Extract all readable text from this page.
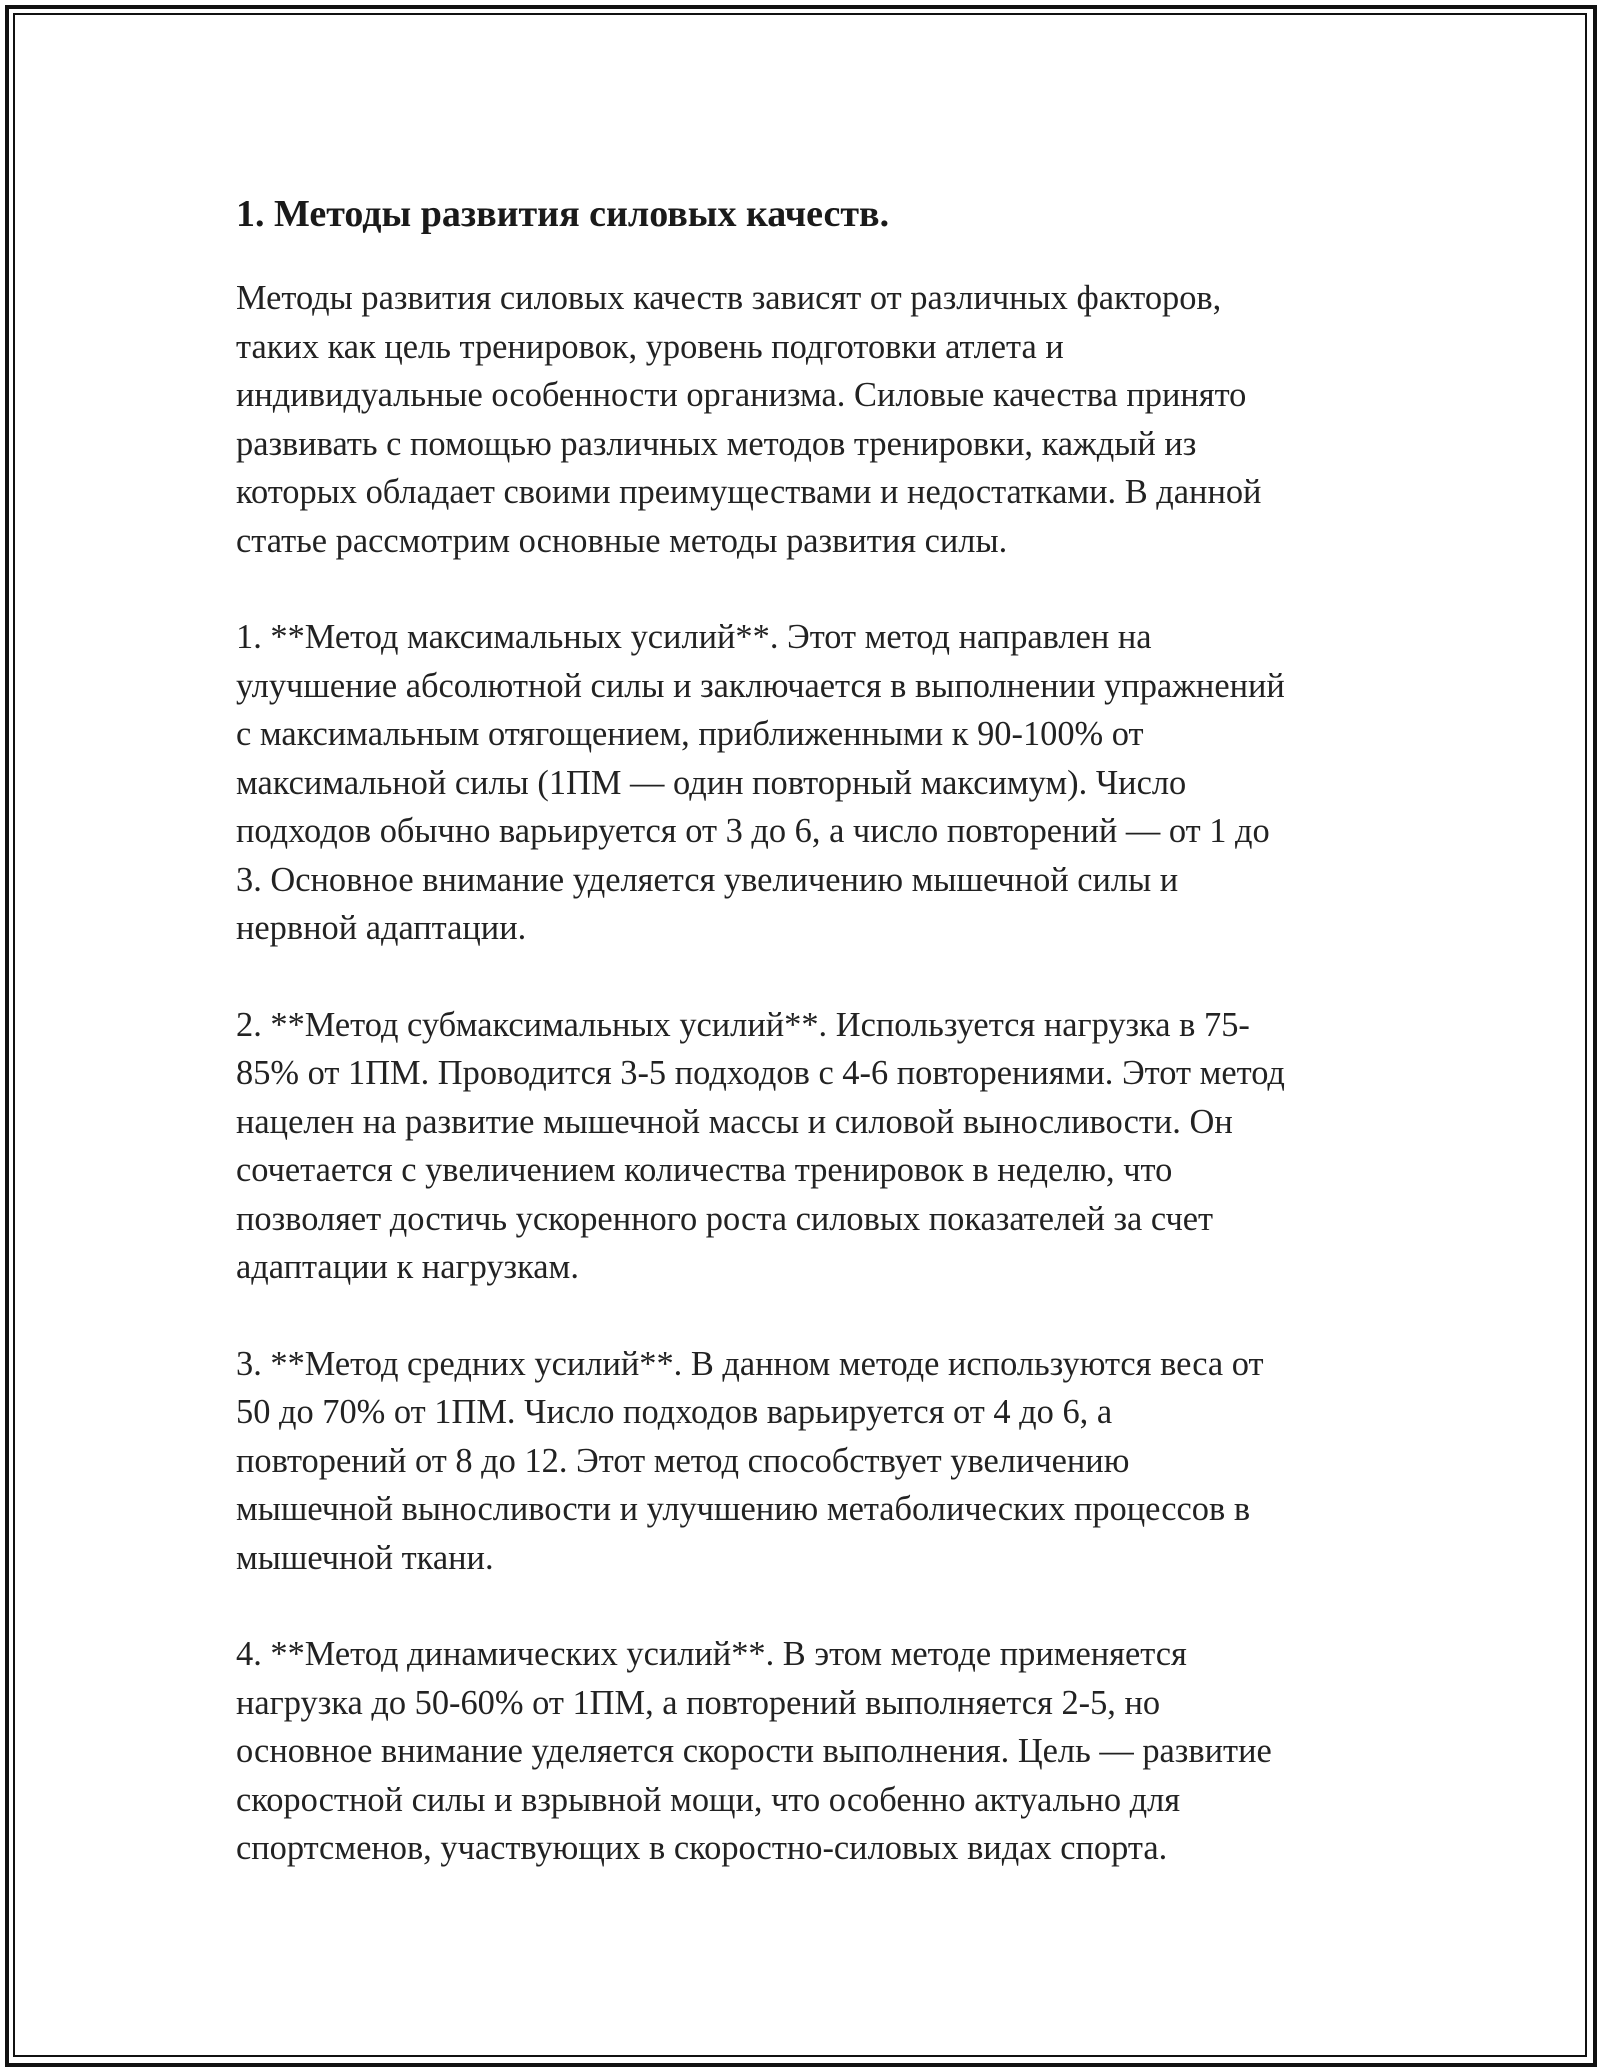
1. Методы развития силовых качеств.

Методы развития силовых качеств зависят от различных факторов,
таких как цель тренировок, уровень подготовки атлета и
индивидуальные особенности организма. Силовые качества принято
развивать с помощью различных методов тренировки, каждый из
которых обладает своими преимуществами и недостатками. В данной
статье рассмотрим основные методы развития силы.

1. **Метод максимальных усилий**. Этот метод направлен на
улучшение абсолютной силы и заключается в выполнении упражнений
с максимальным отягощением, приближенными к 90-100% от
максимальной силы (1ПМ — один повторный максимум). Число
подходов обычно варьируется от 3 до 6, а число повторений — от 1 до
3. Основное внимание уделяется увеличению мышечной силы и
нервной адаптации.

2. **Метод субмаксимальных усилий**. Используется нагрузка в 75-
85% от 1ПМ. Проводится 3-5 подходов с 4-6 повторениями. Этот метод
нацелен на развитие мышечной массы и силовой выносливости. Он
сочетается с увеличением количества тренировок в неделю, что
позволяет достичь ускоренного роста силовых показателей за счет
адаптации к нагрузкам.

3. **Метод средних усилий**. В данном методе используются веса от
50 до 70% от 1ПМ. Число подходов варьируется от 4 до 6, а
повторений от 8 до 12. Этот метод способствует увеличению
мышечной выносливости и улучшению метаболических процессов в
мышечной ткани.

4. **Метод динамических усилий**. В этом методе применяется
нагрузка до 50-60% от 1ПМ, а повторений выполняется 2-5, но
основное внимание уделяется скорости выполнения. Цель — развитие
скоростной силы и взрывной мощи, что особенно актуально для
спортсменов, участвующих в скоростно-силовых видах спорта.
